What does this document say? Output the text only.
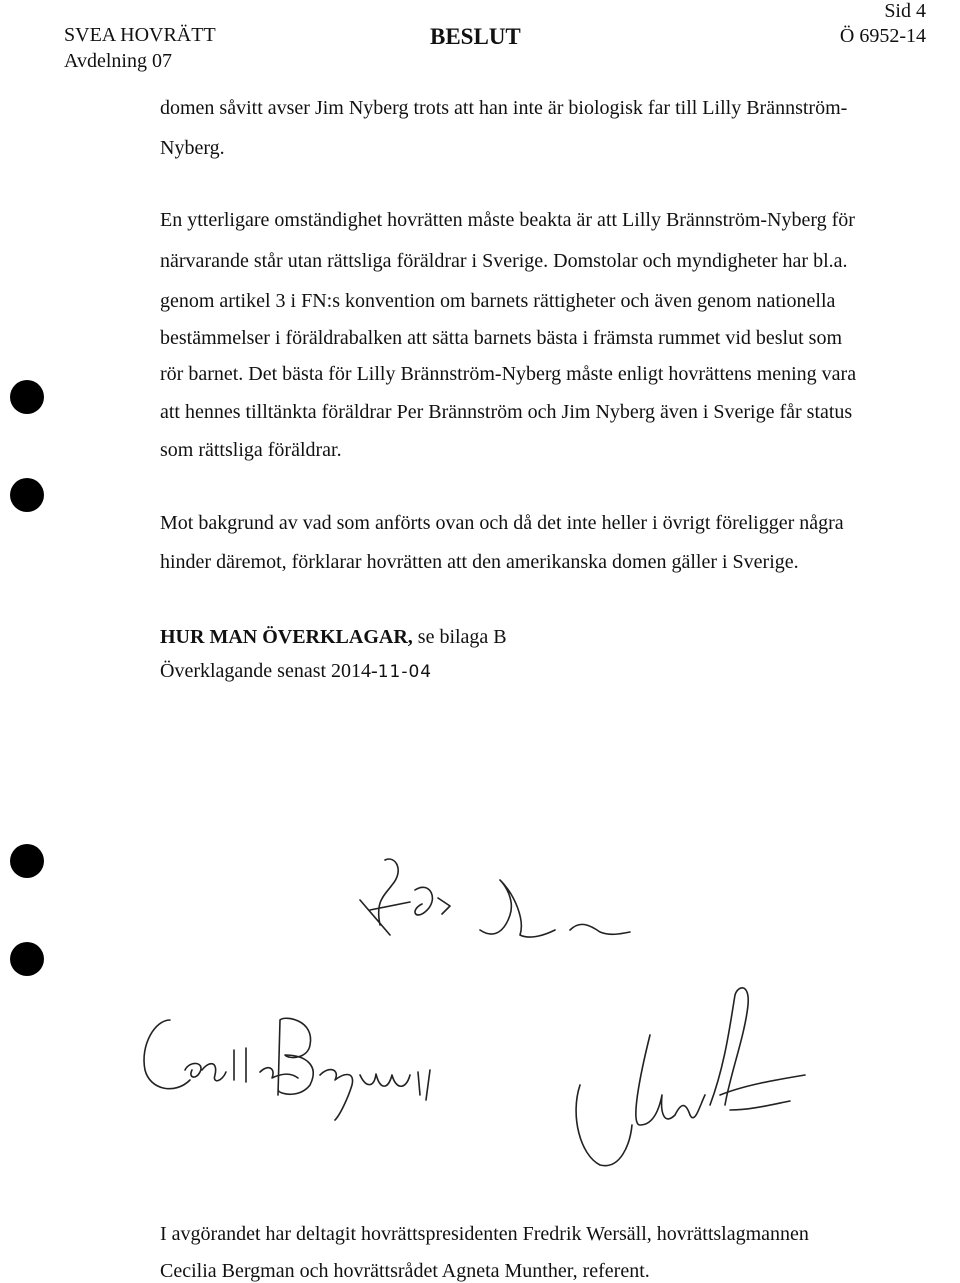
SVEA HOVRÄTT
Avdelning 07
BESLUT
Sid 4
Ö 6952-14
domen såvitt avser Jim Nyberg trots att han inte är biologisk far till Lilly Brännström-
Nyberg.
En ytterligare omständighet hovrätten måste beakta är att Lilly Brännström-Nyberg för
närvarande står utan rättsliga föräldrar i Sverige. Domstolar och myndigheter har bl.a.
genom artikel 3 i FN:s konvention om barnets rättigheter och även genom nationella
bestämmelser i föräldrabalken att sätta barnets bästa i främsta rummet vid beslut som
rör barnet. Det bästa för Lilly Brännström-Nyberg måste enligt hovrättens mening vara
att hennes tilltänkta föräldrar Per Brännström och Jim Nyberg även i Sverige får status
som rättsliga föräldrar.
Mot bakgrund av vad som anförts ovan och då det inte heller i övrigt föreligger några
hinder däremot, förklarar hovrätten att den amerikanska domen gäller i Sverige.
HUR MAN ÖVERKLAGAR, se bilaga B
Överklagande senast 2014-11-04
I avgörandet har deltagit hovrättspresidenten Fredrik Wersäll, hovrättslagmannen
Cecilia Bergman och hovrättsrådet Agneta Munther, referent.
